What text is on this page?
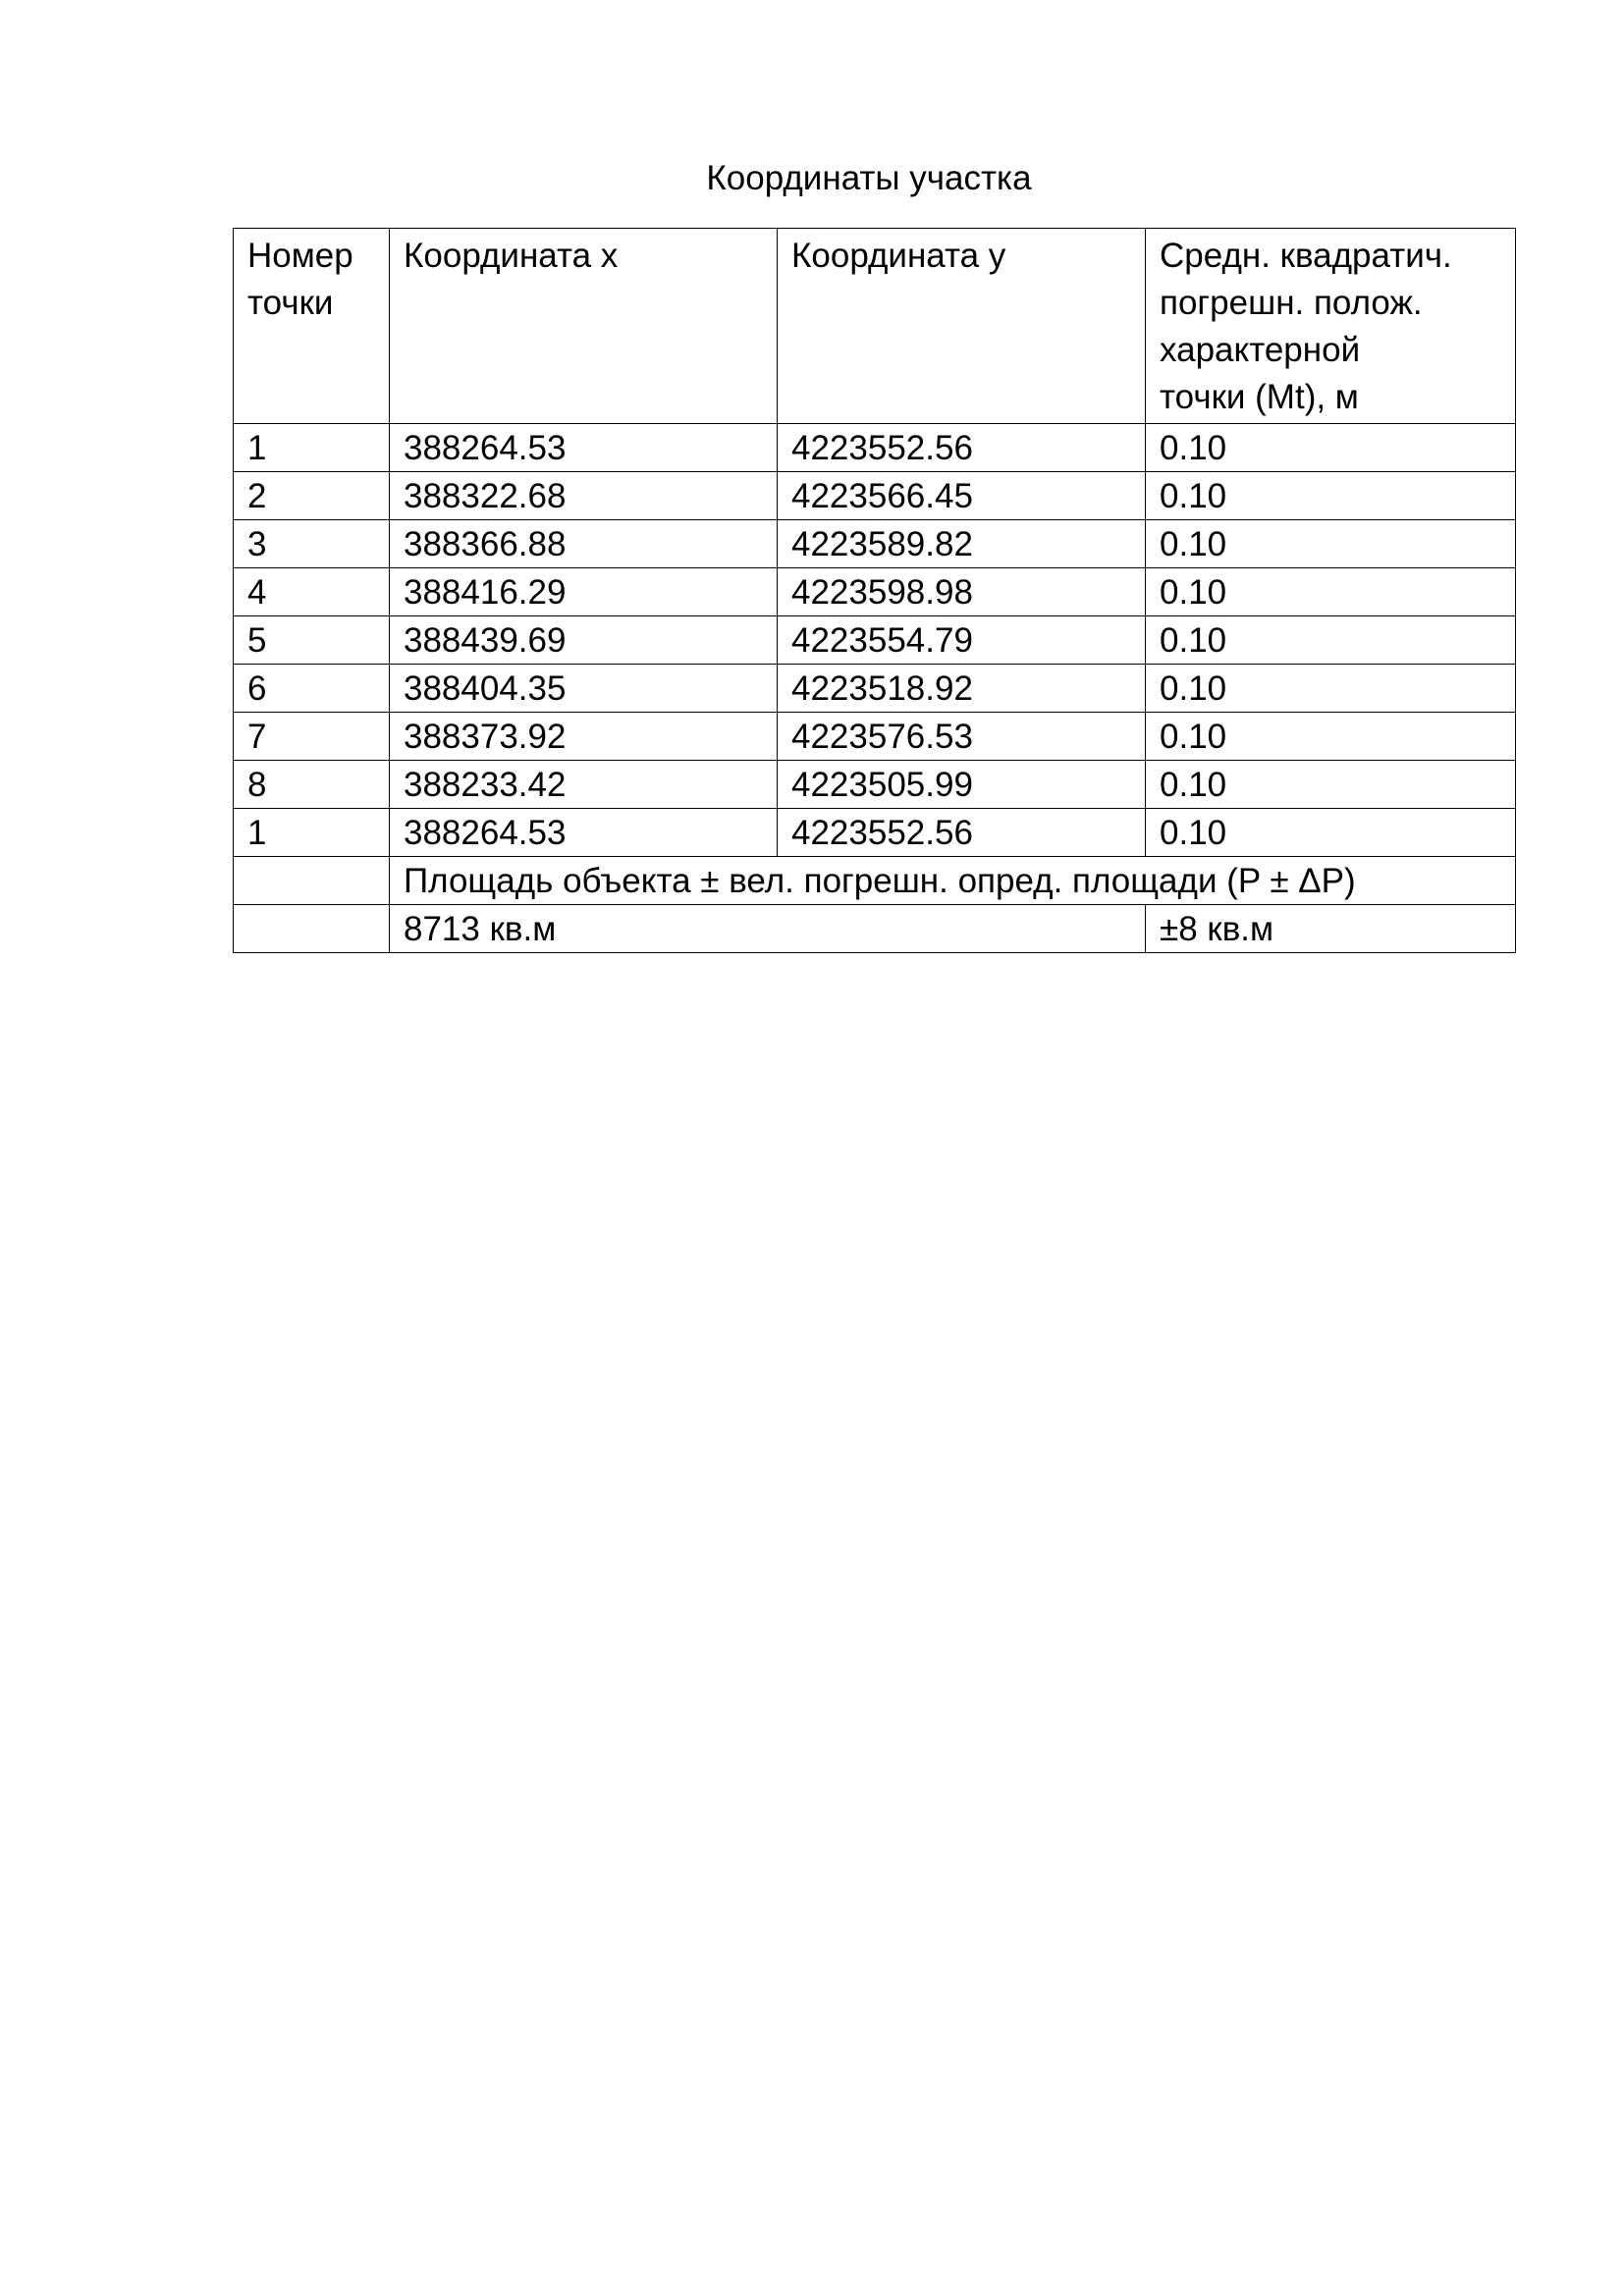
Координаты участка
Номер
точки	Координата х	Координата у	Средн. квадратич.
погрешн. полож.
характерной
точки (Mt), м

1	388264.53	4223552.56	0.10
2	388322.68	4223566.45	0.10
3	388366.88	4223589.82	0.10
4	388416.29	4223598.98	0.10
5	388439.69	4223554.79	0.10
6	388404.35	4223518.92	0.10
7	388373.92	4223576.53	0.10
8	388233.42	4223505.99	0.10
1	388264.53	4223552.56	0.10
	Площадь объекта ± вел. погрешн. опред. площади (P ± ΔP)		
	8713 кв.м		±8 кв.м
